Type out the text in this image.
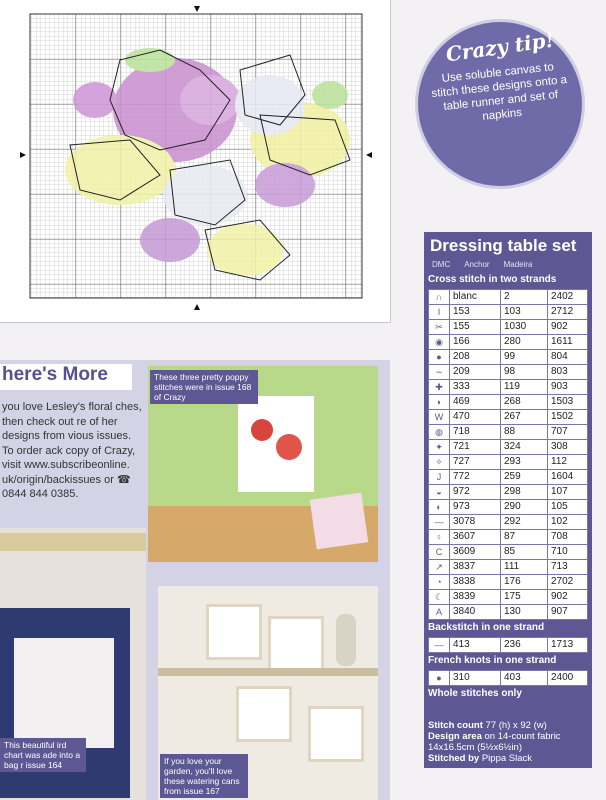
Crazy tip!
Use soluble canvas to stitch these designs onto a table runner and set of napkins
Dressing table set
DMC Anchor Madeira
Cross stitch in two strands
∩	blanc	2	2402
I	153	103	2712
✂	155	1030	902
◉	166	280	1611
●	208	99	804
∼	209	98	803
✚	333	119	903
◗	469	268	1503
W	470	267	1502
◍	718	88	707
✦	721	324	308
✧	727	293	112
J	772	259	1604
◒	972	298	107
◐	973	290	105
—	3078	292	102
♀	3607	87	708
C	3609	85	710
↗	3837	111	713
◔	3838	176	2702
☾	3839	175	902
A	3840	130	907
Backstitch in one strand
—	413	236	1713
French knots in one strand
●	310	403	2400
Whole stitches only
Stitch count 77 (h) x 92 (w)
Design area on 14-count fabric 14x16.5cm (5½x6½in)
Stitched by Pippa Slack
here's More
you love Lesley's floral ches, then check out re of her designs from vious issues. To order ack copy of Crazy, visit www.subscribeonline. uk/origin/backissues or ☎ 0844 844 0385.
These three pretty poppy stitches were in issue 168 of Crazy
This beautiful ird chart was ade into a bag r issue 164	If you love your garden, you'll love these watering cans from issue 167
